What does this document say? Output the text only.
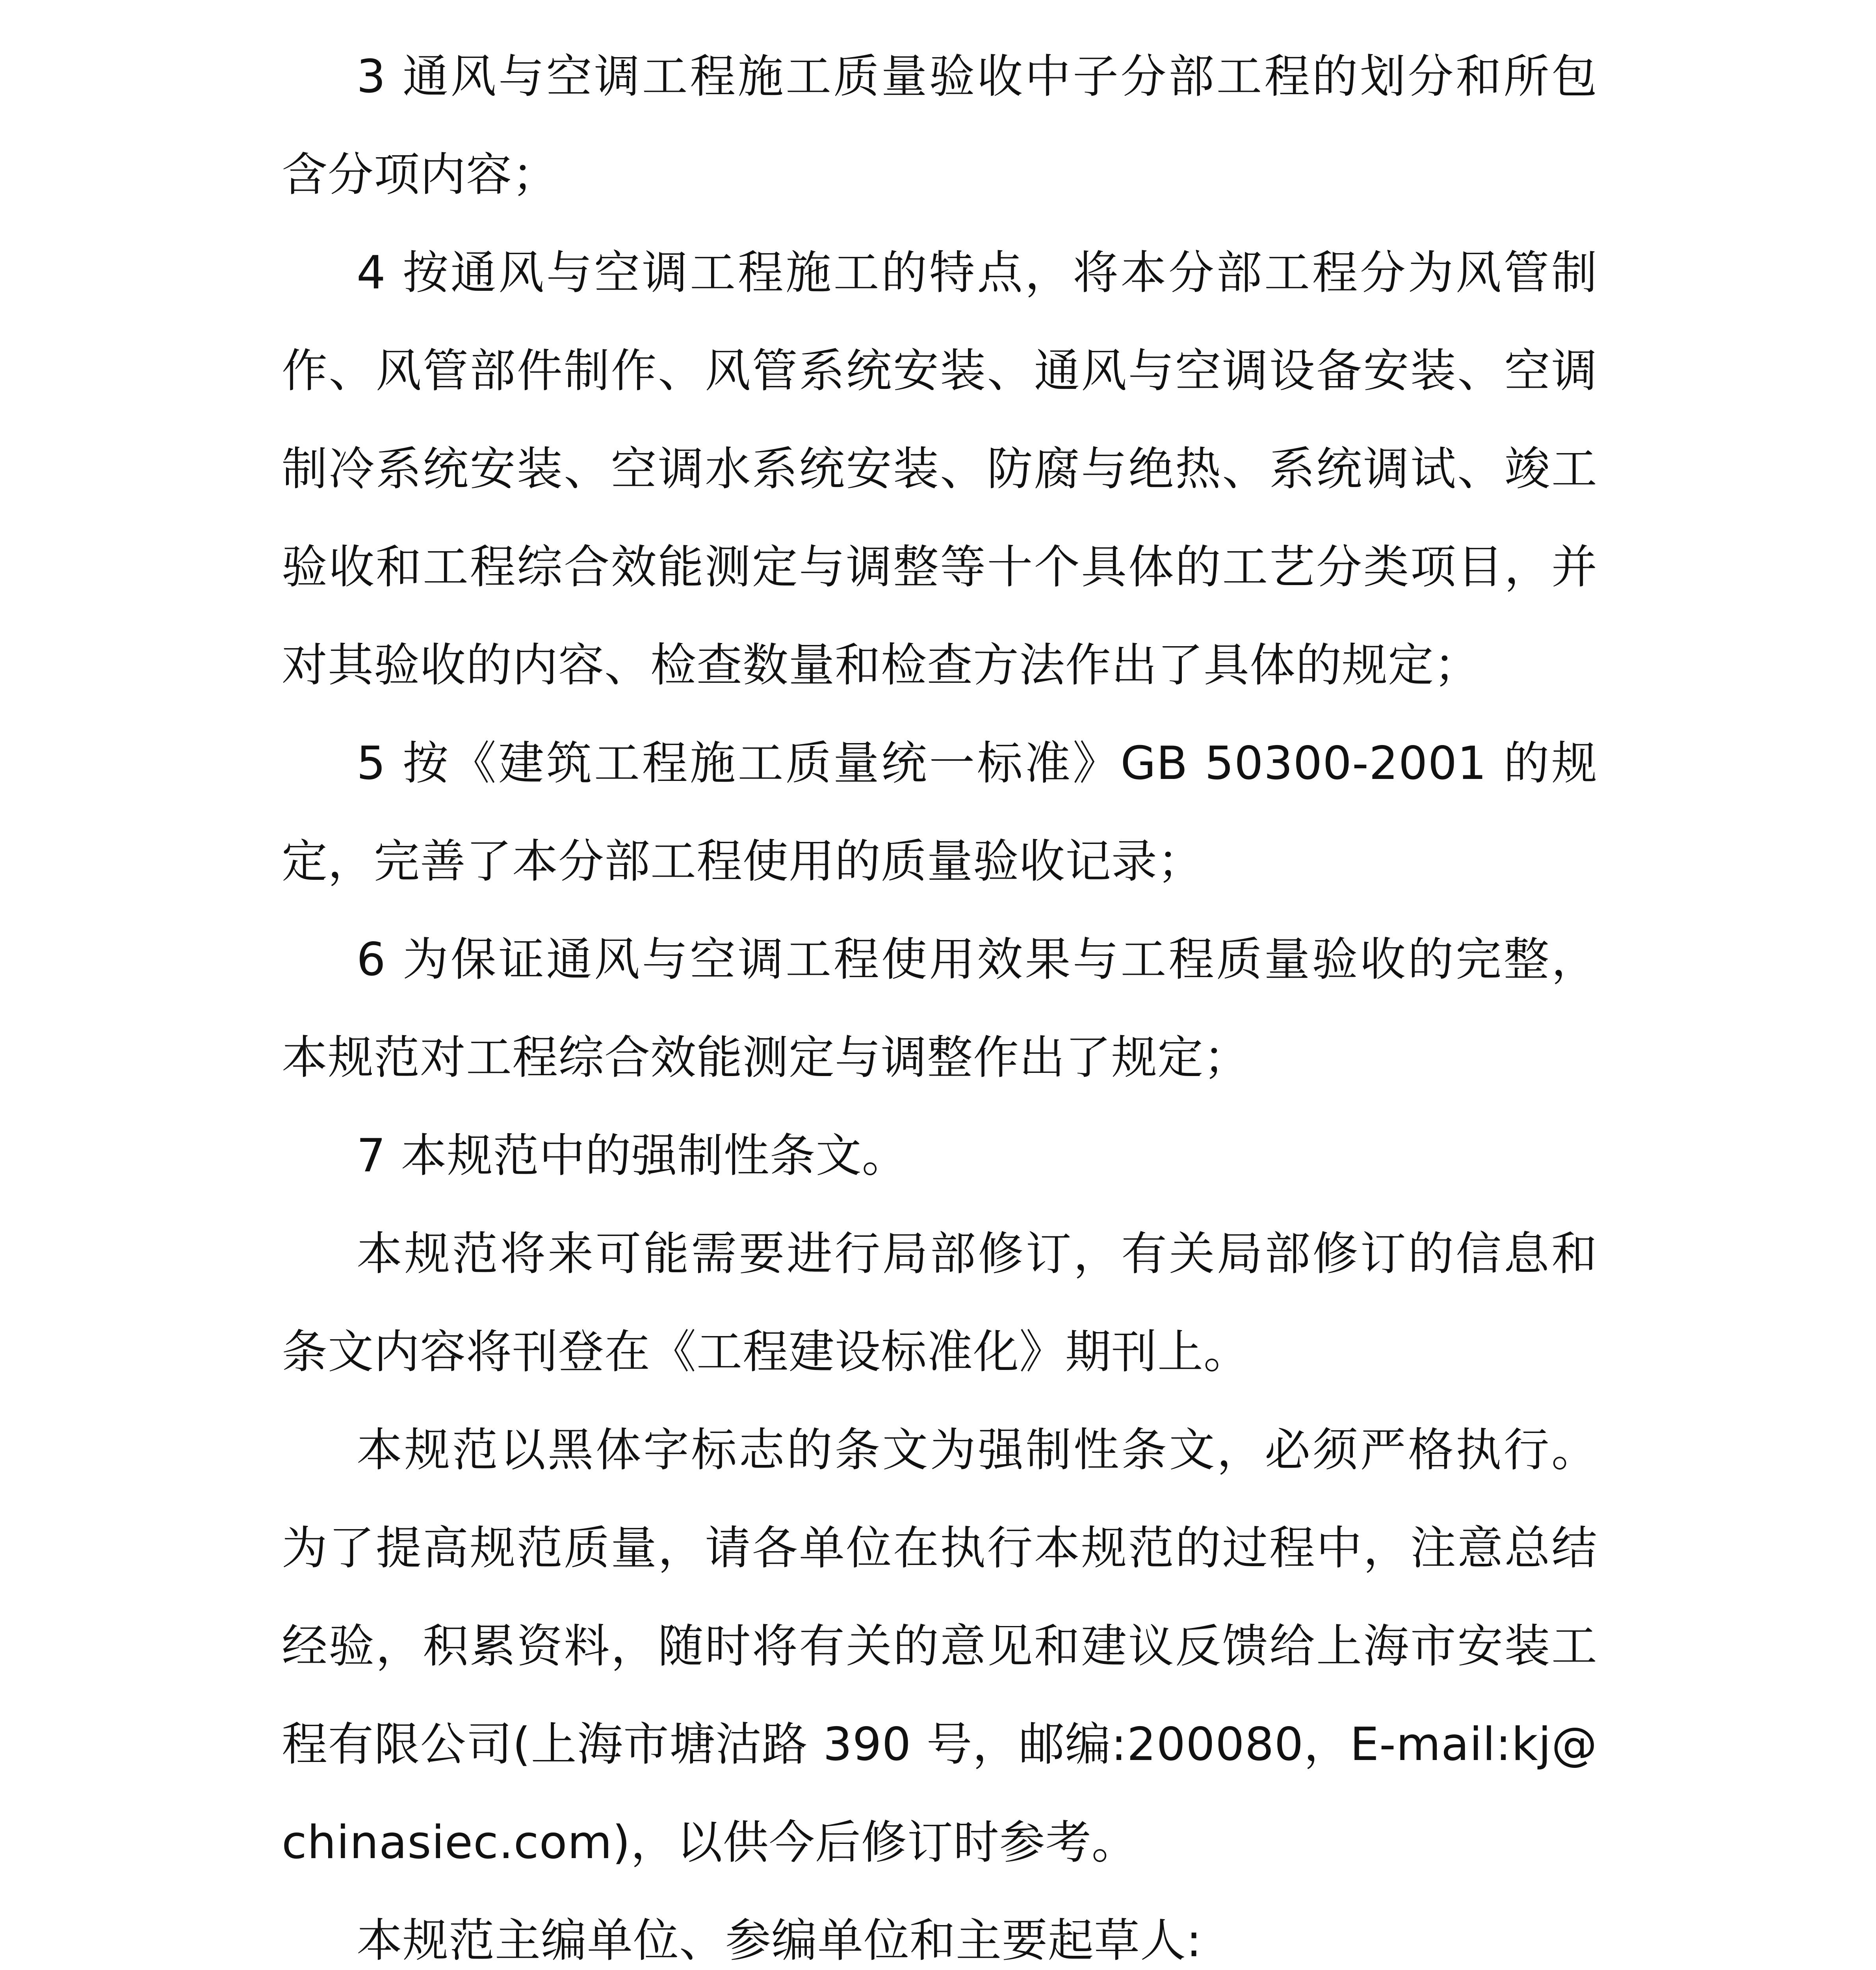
3 通风与空调工程施工质量验收中子分部工程的划分和所包含分项内容；

4 按通风与空调工程施工的特点，将本分部工程分为风管制作、风管部件制作、风管系统安装、通风与空调设备安装、空调制冷系统安装、空调水系统安装、防腐与绝热、系统调试、竣工验收和工程综合效能测定与调整等十个具体的工艺分类项目，并对其验收的内容、检查数量和检查方法作出了具体的规定；

5 按《建筑工程施工质量统一标准》GB 50300-2001 的规定，完善了本分部工程使用的质量验收记录；

6 为保证通风与空调工程使用效果与工程质量验收的完整，本规范对工程综合效能测定与调整作出了规定；

7 本规范中的强制性条文。

本规范将来可能需要进行局部修订，有关局部修订的信息和条文内容将刊登在《工程建设标准化》期刊上。

本规范以黑体字标志的条文为强制性条文，必须严格执行。为了提高规范质量，请各单位在执行本规范的过程中，注意总结经验，积累资料，随时将有关的意见和建议反馈给上海市安装工程有限公司(上海市塘沽路 390 号，邮编:200080，E-mail:kj@chinasiec.com)，以供今后修订时参考。

本规范主编单位、参编单位和主要起草人:
